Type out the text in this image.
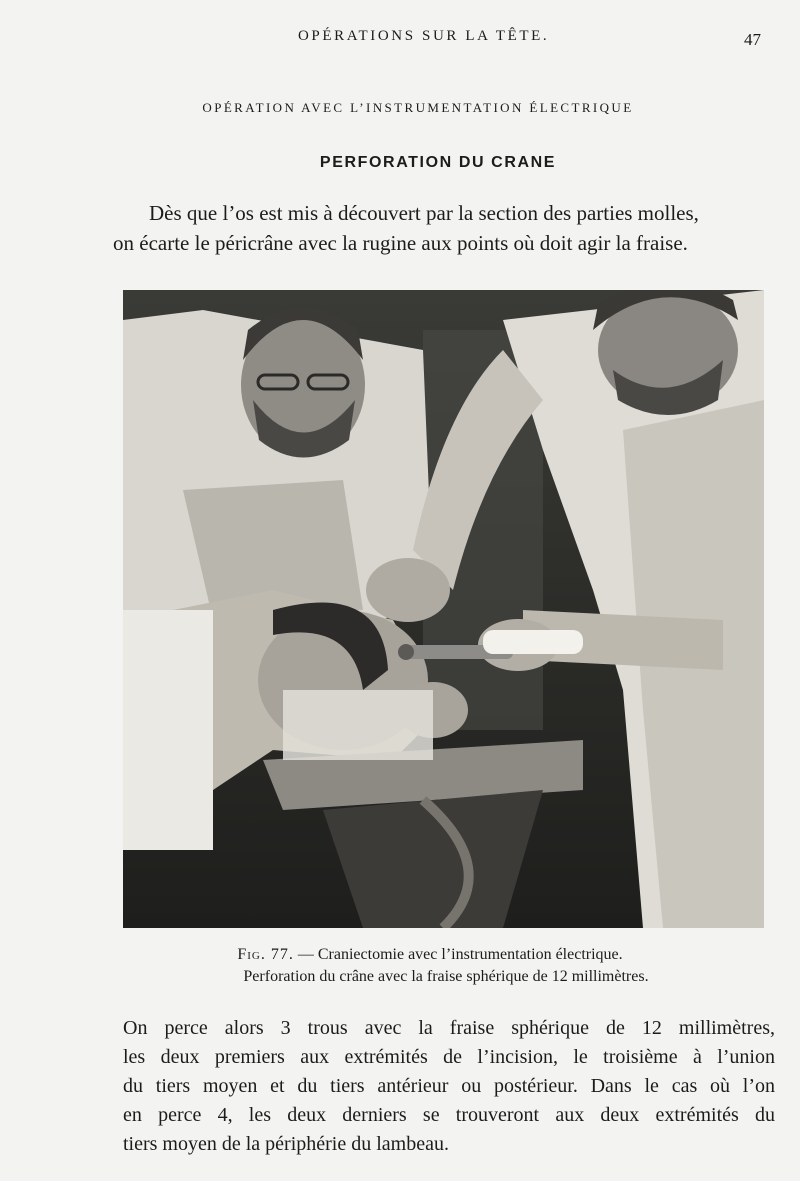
OPÉRATIONS SUR LA TÊTE.	47
OPÉRATION AVEC L’INSTRUMENTATION ÉLECTRIQUE
PERFORATION DU CRANE
Dès que l’os est mis à découvert par la section des parties molles,
on écarte le péricrâne avec la rugine aux points où doit agir la fraise.
Fig. 77. — Craniectomie avec l’instrumentation électrique.
Perforation du crâne avec la fraise sphérique de 12 millimètres.
On perce alors 3 trous avec la fraise sphérique de 12 millimètres,
les deux premiers aux extrémités de l’incision, le troisième à l’union
du tiers moyen et du tiers antérieur ou postérieur. Dans le cas où l’on
en perce 4, les deux derniers se trouveront aux deux extrémités du
tiers moyen de la périphérie du lambeau.
